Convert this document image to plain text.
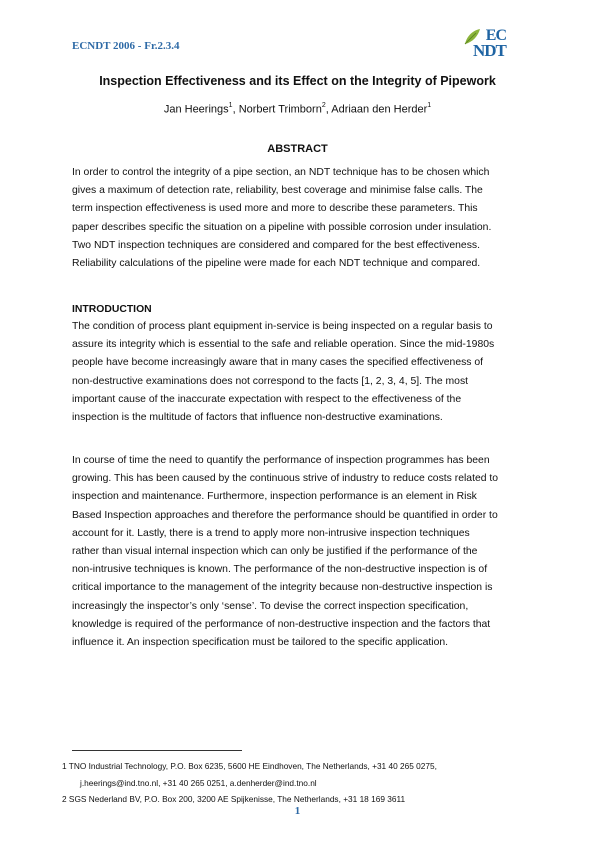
ECNDT 2006 - Fr.2.3.4
EC
NDT
Inspection Effectiveness and its Effect on the Integrity of Pipework
Jan Heerings$^1$, Norbert Trimborn$^2$, Adriaan den Herder$^1$
ABSTRACT

In order to control the integrity of a pipe section, an NDT technique has to be chosen which
gives a maximum of detection rate, reliability, best coverage and minimise false calls. The
term inspection effectiveness is used more and more to describe these parameters. This
paper describes specific the situation on a pipeline with possible corrosion under insulation.
Two NDT inspection techniques are considered and compared for the best effectiveness.
Reliability calculations of the pipeline were made for each NDT technique and compared.

INTRODUCTION

The condition of process plant equipment in-service is being inspected on a regular basis to
assure its integrity which is essential to the safe and reliable operation. Since the mid-1980s
people have become increasingly aware that in many cases the specified effectiveness of
non-destructive examinations does not correspond to the facts [1, 2, 3, 4, 5]. The most
important cause of the inaccurate expectation with respect to the effectiveness of the
inspection is the multitude of factors that influence non-destructive examinations.

In course of time the need to quantify the performance of inspection programmes has been
growing. This has been caused by the continuous strive of industry to reduce costs related to
inspection and maintenance. Furthermore, inspection performance is an element in Risk
Based Inspection approaches and therefore the performance should be quantified in order to
account for it. Lastly, there is a trend to apply more non-intrusive inspection techniques
rather than visual internal inspection which can only be justified if the performance of the
non-intrusive techniques is known. The performance of the non-destructive inspection is of
critical importance to the management of the integrity because non-destructive inspection is
increasingly the inspector’s only ‘sense’. To devise the correct inspection specification,
knowledge is required of the performance of non-destructive inspection and the factors that
influence it. An inspection specification must be tailored to the specific application.

1 TNO Industrial Technology, P.O. Box 6235, 5600 HE Eindhoven, The Netherlands, +31 40 265 0275,
j.heerings@ind.tno.nl, +31 40 265 0251, a.denherder@ind.tno.nl
2 SGS Nederland BV, P.O. Box 200, 3200 AE Spijkenisse, The Netherlands, +31 18 169 3611
1
